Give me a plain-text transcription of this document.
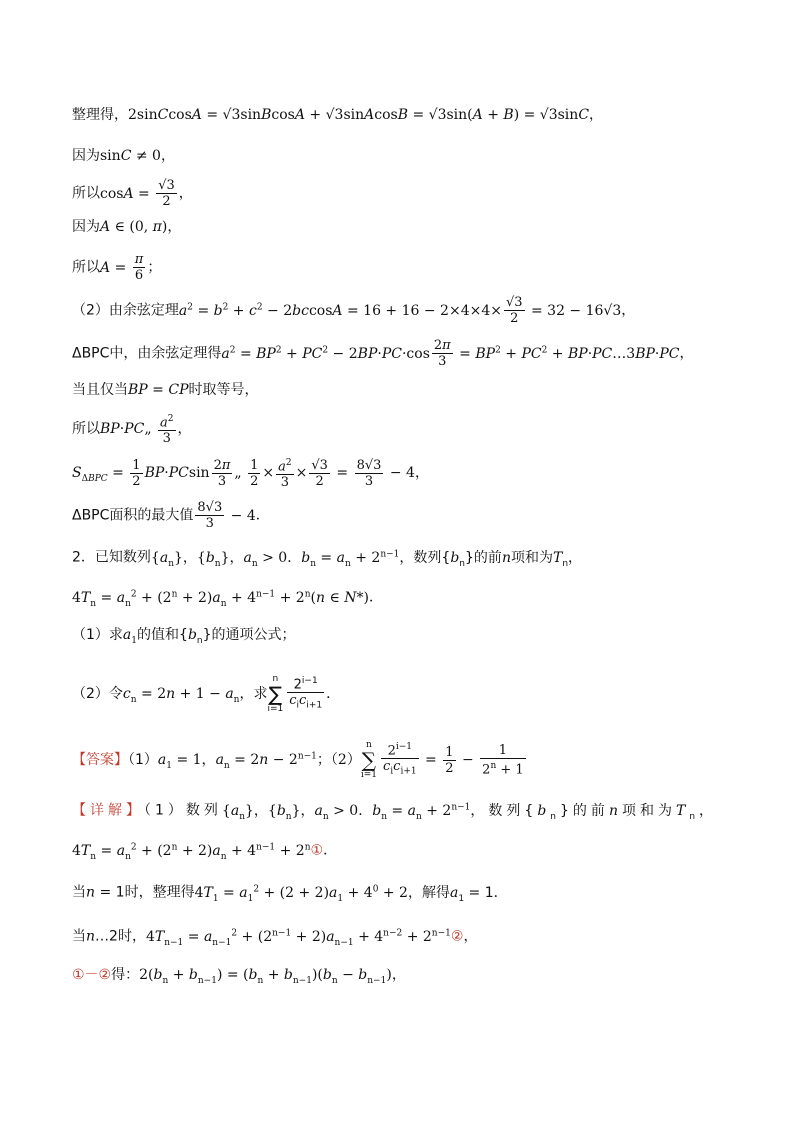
整理得，2sinCcosA = √3sinBcosA + √3sinAcosB = √3sin(A + B) = √3sinC，
因为sinC ≠ 0，
所以$\cos A = \frac{√3}{2}$ ，
因为A ∈ (0, π)，
所以$A = \frac{\pi}{6}$ ；
（2）由余弦定理$a^2 = b^2 + c^2 - 2bccosA = 16 + 16 - 2\times 4\times 4\times \frac{√3}{2} = 32 - 16√3$，
ΔBPC中，由余弦定理得$a^2 = BP^2 + PC^2 - 2BP\cdot PC\cdot\cos \frac{2\pi}{3} = BP^2 + PC^2$ + BP·PC…3BP·PC，
当且仅当BP = CP时取等号，
所以BP·PC„ $\frac{a^2}{3}$ ，
$S_{\Delta BPC} = \frac{1}{2} BP\cdot PCsin \frac{2\pi}{3}$ „ $\frac{1}{2} \times \frac{a^2}{3} \times \frac{√3}{2} = \frac{8√3}{3} - 4$，
ΔBPC面积的最大值 $\frac{8√3}{3} - 4$．
2．已知数列$\{a_n\}$，$\{b_n\}$，$a_n > 0$．$b_n = a_n + 2^{n-1}$，数列$\{b_n\}$的前n项和为$T_n$，
$4T_n = a_n^2 + (2^n + 2)a_n + 4^{n-1} + 2^n(n$ ∈ N*)．
（1）求$a_1$的值和$\{b_n\}$的通项公式；
（2）令$c_n = 2n + 1 - a_n$，求n
∑
$i=1 \frac{2^{i-1}}{c_ic_{i+1}}$ ．
【答案】$(1)a_1 = 1$，$a_n = 2n - 2^{n-1}$；（2）n
∑
$i=1 \frac{2^{i-1}}{c_ic_{i+1}} = \frac{1}{2} - \frac{1}{2^n + 1}$
【详解】（1）数列$\{a_n\}$，$\{b_n\}$，$a_n > 0$．$b_n = a_n + 2^{n-1}$，数列$\{b_n\}$的前n项和为$T_n$，
$4T_n = a_n^2 + (2^n + 2)a_n + 4^{n-1}$ + $2^n①$．
当n = 1时，整理得$4T_1 = a_1^2 + (2 + 2)a_1 + 4^0 + 2$，解得$a_1 = 1$．
当n…2时，$4T_{n-1} = a_{n-1}^2 + (2^{n-1} + 2)a_{n-1} + 4^{n-2}$ + $2^{n-1}②$，
①－②得：$2(b_n + b_{n-1}) = (b_n + b_{n-1})(b_n - b_{n-1})$，
